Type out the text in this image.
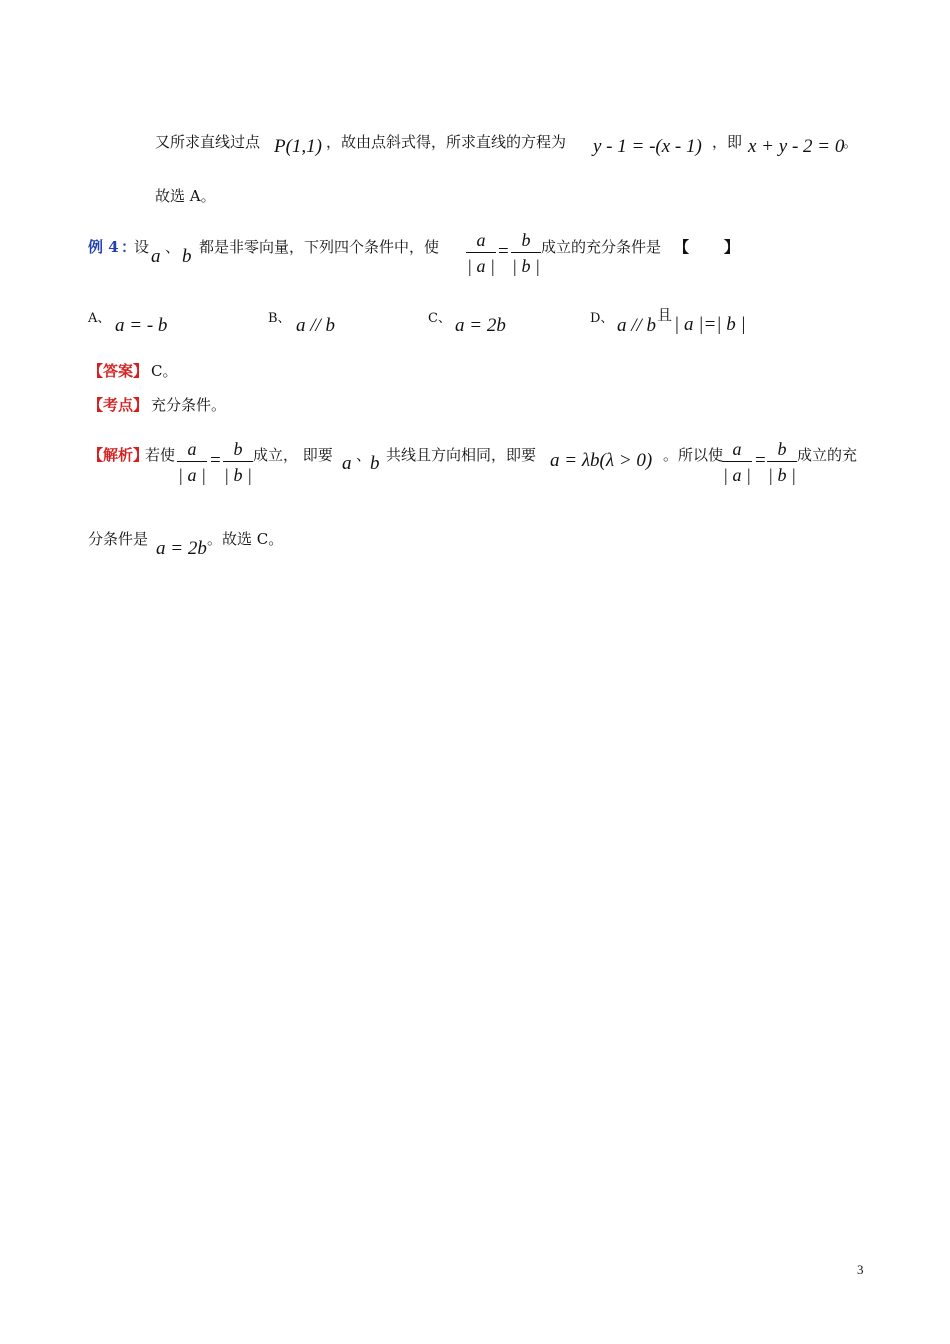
又所求直线过点 P(1,1) ，故由点斜式得，所求直线的方程为 y - 1 = -(x - 1) ，即 x + y - 2 = 0
。
故选 A。
例 4 ：
设 a 、 b 都是非零向量，下列四个条件中，使	a
| a |
=
b
| b |
成立的充分条件是 【 】
A、 a = - b	B、 a // b	C、 a = 2b	D、 a // b 且 | a |=| b |
【答案】 C。
【考点】 充分条件。
【解析】
若使 a
| a |
=
b
| b |
成立， 即要 a 、
b 共线且方向相同，即要 a = λb(λ > 0) 。所以使 a
| a |
=
b
| b |
成立的充
分条件是 a = 2b 。故选 C。
3
